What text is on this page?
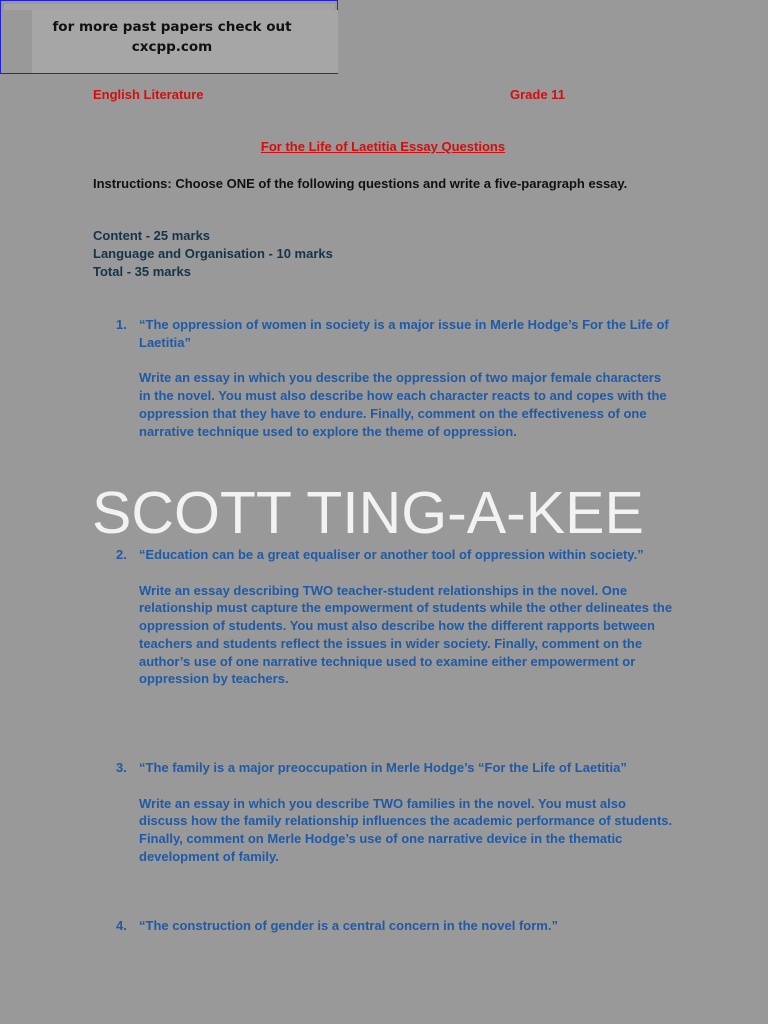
for more past papers check out
cxcpp.com
English Literature	Grade 11
For the Life of Laetitia Essay Questions
Instructions: Choose ONE of the following questions and write a five-paragraph essay.
Content - 25 marks
Language and Organisation - 10 marks
Total - 35 marks
1. “The oppression of women in society is a major issue in Merle Hodge’s For the Life of Laetitia”
Write an essay in which you describe the oppression of two major female characters in the novel. You must also describe how each character reacts to and copes with the oppression that they have to endure. Finally, comment on the effectiveness of one narrative technique used to explore the theme of oppression.
SCOTT TING-A-KEE
2. “Education can be a great equaliser or another tool of oppression within society.”
Write an essay describing TWO teacher-student relationships in the novel. One relationship must capture the empowerment of students while the other delineates the oppression of students. You must also describe how the different rapports between teachers and students reflect the issues in wider society. Finally, comment on the author’s use of one narrative technique used to examine either empowerment or oppression by teachers.
3. “The family is a major preoccupation in Merle Hodge’s “For the Life of Laetitia”
Write an essay in which you describe TWO families in the novel. You must also discuss how the family relationship influences the academic performance of students. Finally, comment on Merle Hodge’s use of one narrative device in the thematic development of family.
4. “The construction of gender is a central concern in the novel form.”
